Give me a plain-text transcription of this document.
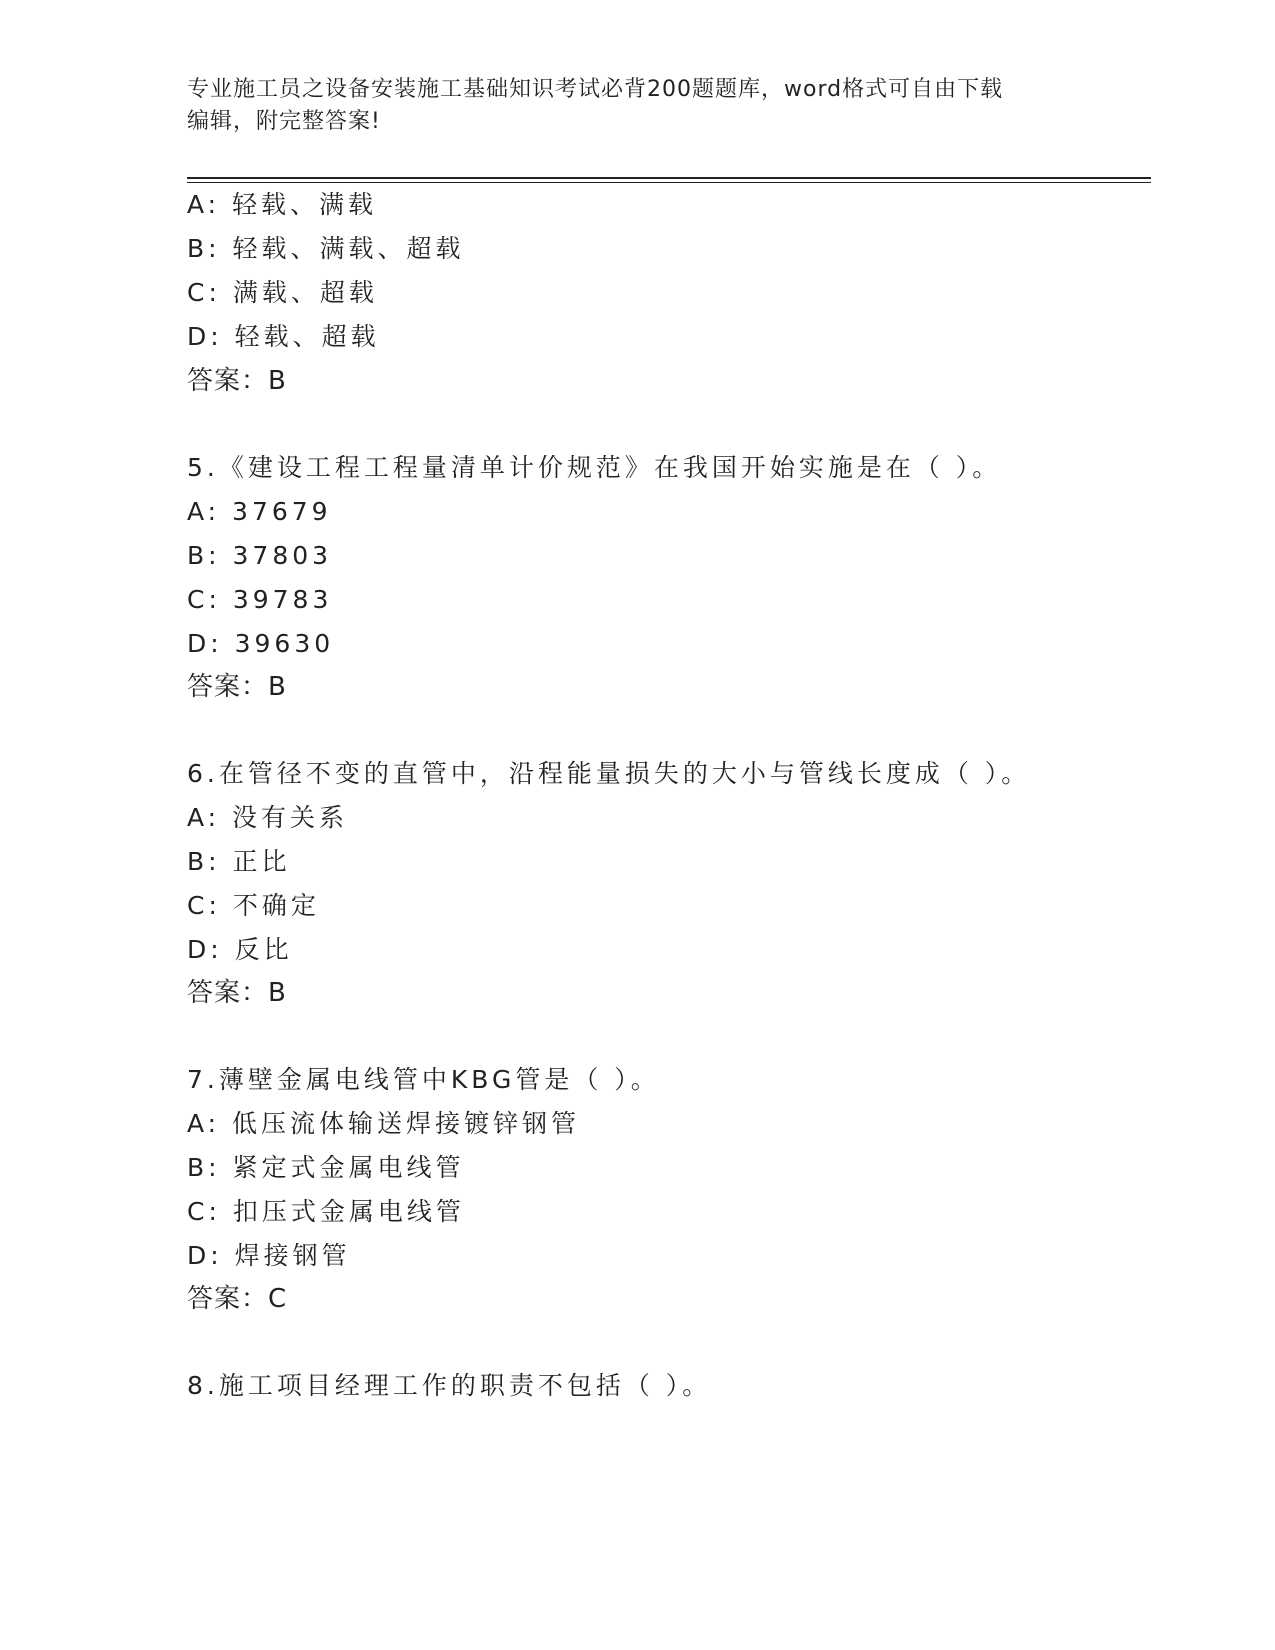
专业施工员之设备安装施工基础知识考试必背200题题库，word格式可自由下载
编辑，附完整答案!
A: 轻载、满载
B: 轻载、满载、超载
C: 满载、超载
D: 轻载、超载
答案：B
5.《建设工程工程量清单计价规范》在我国开始实施是在（ ）。
A: 37679
B: 37803
C: 39783
D: 39630
答案：B
6.在管径不变的直管中，沿程能量损失的大小与管线长度成（ ）。
A: 没有关系
B: 正比
C: 不确定
D: 反比
答案：B
7.薄壁金属电线管中KBG管是（ ）。
A: 低压流体输送焊接镀锌钢管
B: 紧定式金属电线管
C: 扣压式金属电线管
D: 焊接钢管
答案：C
8.施工项目经理工作的职责不包括（ ）。
